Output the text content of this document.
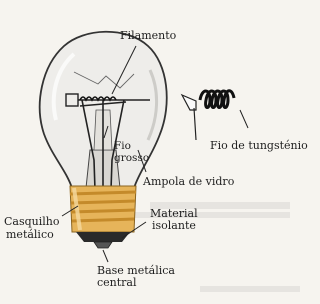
Filamento
Fio
grosso
Fio de tungsténio
Ampola de vidro
Casquilho
metálico
Material
isolante
Base metálica
central
